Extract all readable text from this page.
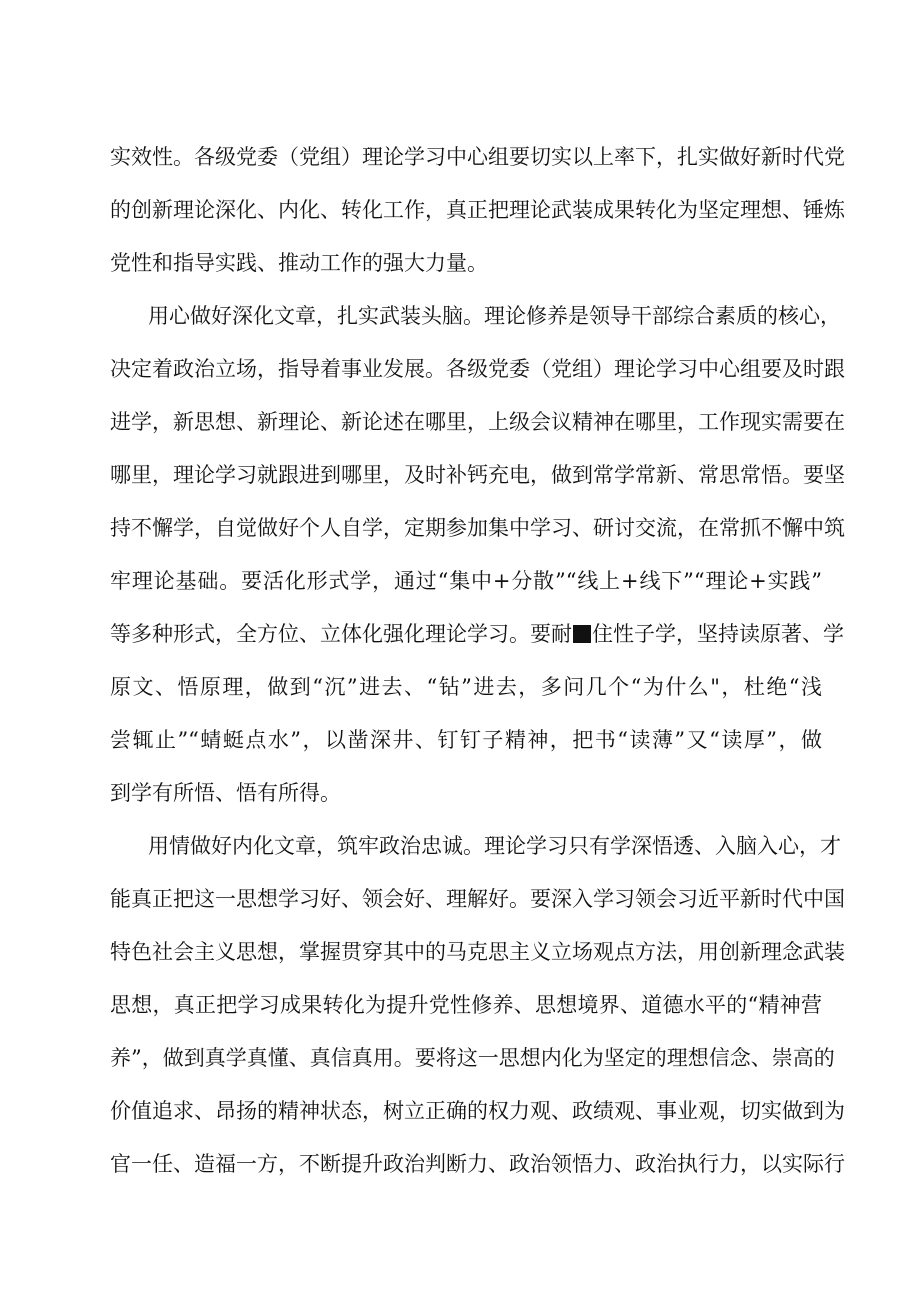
实效性。各级党委（党组）理论学习中心组要切实以上率下，扎实做好新时代党
的创新理论深化、内化、转化工作，真正把理论武装成果转化为坚定理想、锤炼
党性和指导实践、推动工作的强大力量。
用心做好深化文章，扎实武装头脑。理论修养是领导干部综合素质的核心，
决定着政治立场，指导着事业发展。各级党委（党组）理论学习中心组要及时跟
进学，新思想、新理论、新论述在哪里，上级会议精神在哪里，工作现实需要在
哪里，理论学习就跟进到哪里，及时补钙充电，做到常学常新、常思常悟。要坚
持不懈学，自觉做好个人自学，定期参加集中学习、研讨交流，在常抓不懈中筑
牢理论基础。要活化形式学，通过“集中+分散”“线上+线下”“理论+实践”
等多种形式，全方位、立体化强化理论学习。要耐 住性子学，坚持读原著、学
原文、悟原理，做到“沉”进去、“钻”进去，多问几个“为什么"，杜绝“浅
尝辄止”“蜻蜓点水”，以凿深井、钉钉子精神，把书“读薄”又“读厚”，做
到学有所悟、悟有所得。
用情做好内化文章，筑牢政治忠诚。理论学习只有学深悟透、入脑入心，才
能真正把这一思想学习好、领会好、理解好。要深入学习领会习近平新时代中国
特色社会主义思想，掌握贯穿其中的马克思主义立场观点方法，用创新理念武装
思想，真正把学习成果转化为提升党性修养、思想境界、道德水平的“精神营
养”，做到真学真懂、真信真用。要将这一思想内化为坚定的理想信念、崇高的
价值追求、昂扬的精神状态，树立正确的权力观、政绩观、事业观，切实做到为
官一任、造福一方，不断提升政治判断力、政治领悟力、政治执行力，以实际行
